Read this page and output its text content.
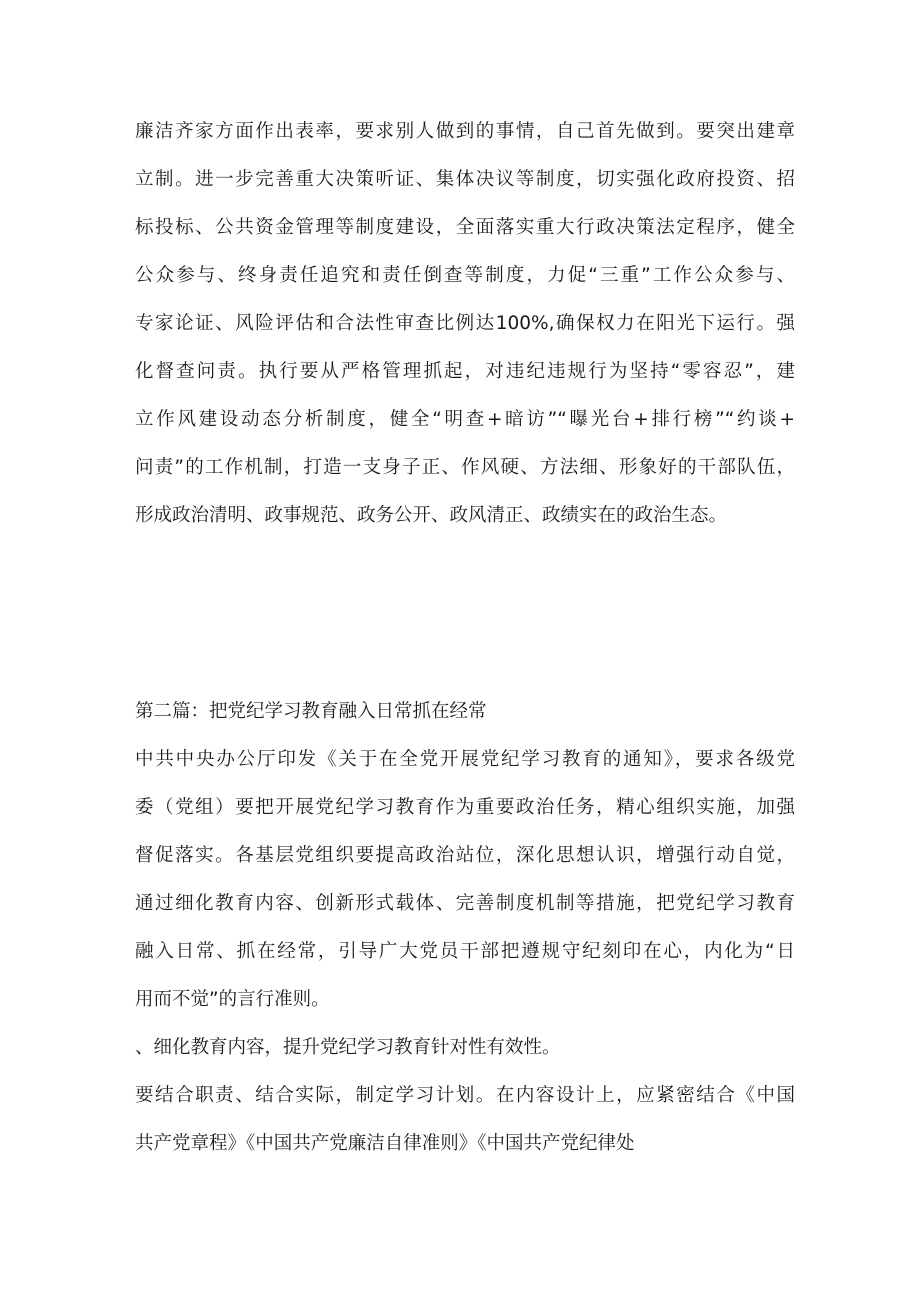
廉洁齐家方面作出表率，要求别人做到的事情，自己首先做到。要突出建章
立制。进一步完善重大决策听证、集体决议等制度，切实强化政府投资、招
标投标、公共资金管理等制度建设，全面落实重大行政决策法定程序，健全
公众参与、终身责任追究和责任倒查等制度，力促“三重”工作公众参与、
专家论证、风险评估和合法性审查比例达100%,确保权力在阳光下运行。强
化督查问责。执行要从严格管理抓起，对违纪违规行为坚持“零容忍”，建
立作风建设动态分析制度，健全“明查+暗访”“曝光台+排行榜”“约谈+
问责”的工作机制，打造一支身子正、作风硬、方法细、形象好的干部队伍，
形成政治清明、政事规范、政务公开、政风清正、政绩实在的政治生态。
第二篇：把党纪学习教育融入日常抓在经常
中共中央办公厅印发《关于在全党开展党纪学习教育的通知》，要求各级党
委（党组）要把开展党纪学习教育作为重要政治任务，精心组织实施，加强
督促落实。各基层党组织要提高政治站位，深化思想认识，增强行动自觉，
通过细化教育内容、创新形式载体、完善制度机制等措施，把党纪学习教育
融入日常、抓在经常，引导广大党员干部把遵规守纪刻印在心，内化为“日
用而不觉”的言行准则。
、细化教育内容，提升党纪学习教育针对性有效性。
要结合职责、结合实际，制定学习计划。在内容设计上，应紧密结合《中国
共产党章程》《中国共产党廉洁自律准则》《中国共产党纪律处
